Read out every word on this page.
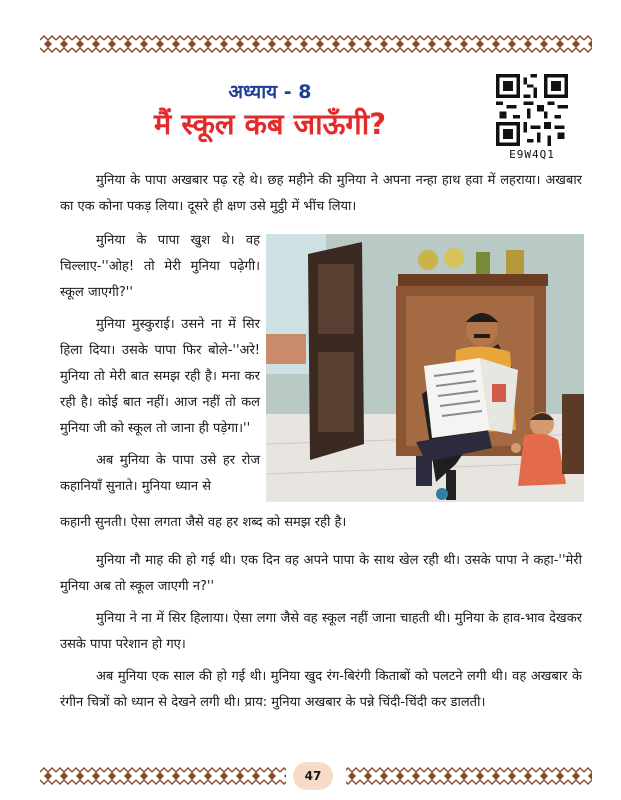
अध्याय - 8
मैं स्कूल कब जाऊँगी?
E9W4Q1

मुनिया के पापा अखबार पढ़ रहे थे। छह महीने की मुनिया ने अपना नन्हा हाथ हवा में लहराया। अखबार का एक कोना पकड़ लिया। दूसरे ही क्षण उसे मुट्ठी में भींच लिया।

मुनिया के पापा खुश थे। वह चिल्लाए-''ओह! तो मेरी मुनिया पढ़ेगी। स्कूल जाएगी?''

मुनिया मुस्कुराई। उसने ना में सिर हिला दिया। उसके पापा फिर बोले-''अरे! मुनिया तो मेरी बात समझ रही है। मना कर रही है। कोई बात नहीं। आज नहीं तो कल मुनिया जी को स्कूल तो जाना ही पड़ेगा।''

अब मुनिया के पापा उसे हर रोज कहानियाँ सुनाते। मुनिया ध्यान से

कहानी सुनती। ऐसा लगता जैसे वह हर शब्द को समझ रही है।

मुनिया नौ माह की हो गई थी। एक दिन वह अपने पापा के साथ खेल रही थी। उसके पापा ने कहा-''मेरी मुनिया अब तो स्कूल जाएगी न?''

मुनिया ने ना में सिर हिलाया। ऐसा लगा जैसे वह स्कूल नहीं जाना चाहती थी। मुनिया के हाव-भाव देखकर उसके पापा परेशान हो गए।

अब मुनिया एक साल की हो गई थी। मुनिया खुद रंग-बिरंगी किताबों को पलटने लगी थी। वह अखबार के रंगीन चित्रों को ध्यान से देखने लगी थी। प्राय: मुनिया अखबार के पन्ने चिंदी-चिंदी कर डालती।

47
